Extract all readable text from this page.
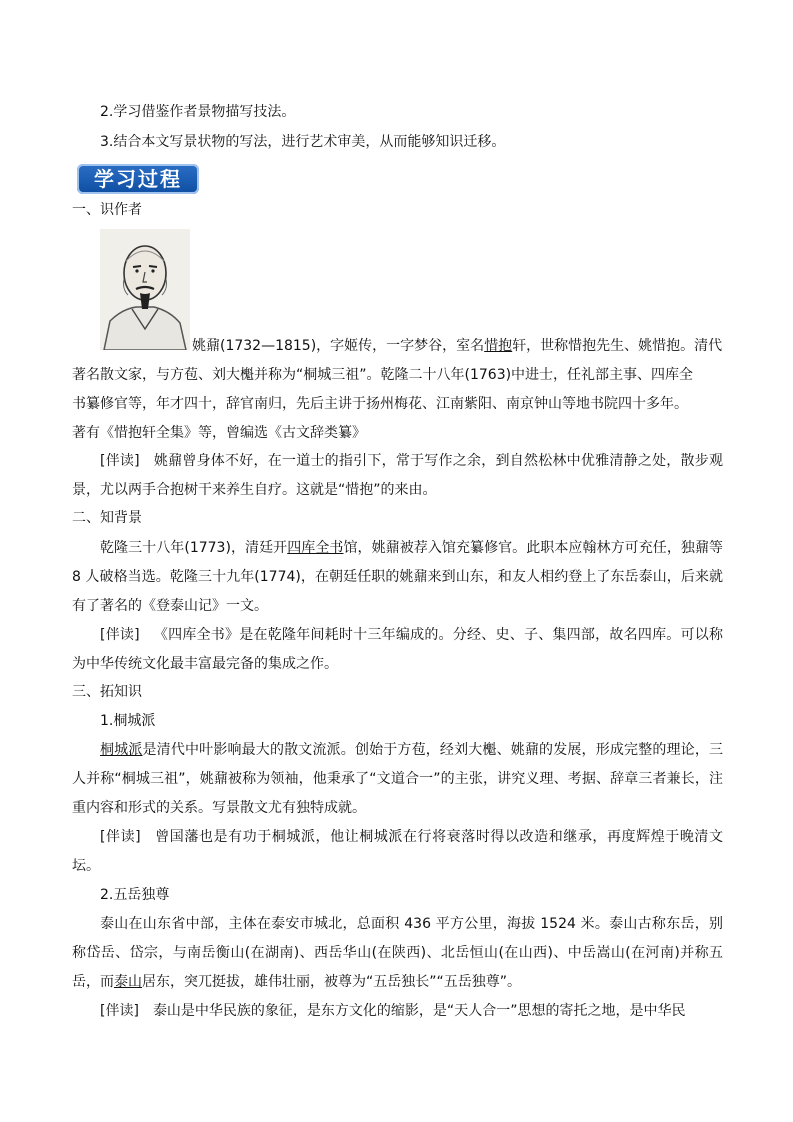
2.学习借鉴作者景物描写技法。
3.结合本文写景状物的写法，进行艺术审美，从而能够知识迁移。
学习过程
一、识作者
姚鼐(1732—1815)，字姬传，一字梦谷，室名惜抱轩，世称惜抱先生、姚惜抱。清代
著名散文家，与方苞、刘大櫆并称为“桐城三祖”。乾隆二十八年(1763)中进士，任礼部主事、四库全
书纂修官等，年才四十，辞官南归，先后主讲于扬州梅花、江南紫阳、南京钟山等地书院四十多年。
著有《惜抱轩全集》等，曾编选《古文辞类纂》
[伴读] 姚鼐曾身体不好，在一道士的指引下，常于写作之余，到自然松林中优雅清静之处，散步观景，尤以两手合抱树干来养生自疗。这就是“惜抱”的来由。
二、知背景
乾隆三十八年(1773)，清廷开四库全书馆，姚鼐被荐入馆充纂修官。此职本应翰林方可充任，独鼐等 8 人破格当选。乾隆三十九年(1774)，在朝廷任职的姚鼐来到山东，和友人相约登上了东岳泰山，后来就有了著名的《登泰山记》一文。
[伴读] 《四库全书》是在乾隆年间耗时十三年编成的。分经、史、子、集四部，故名四库。可以称为中华传统文化最丰富最完备的集成之作。
三、拓知识
1.桐城派
桐城派是清代中叶影响最大的散文流派。创始于方苞，经刘大櫆、姚鼐的发展，形成完整的理论，三人并称“桐城三祖”，姚鼐被称为领袖，他秉承了“文道合一”的主张，讲究义理、考据、辞章三者兼长，注重内容和形式的关系。写景散文尤有独特成就。
[伴读] 曾国藩也是有功于桐城派，他让桐城派在行将衰落时得以改造和继承，再度辉煌于晚清文坛。
2.五岳独尊
泰山在山东省中部，主体在泰安市城北，总面积 436 平方公里，海拔 1524 米。泰山古称东岳，别称岱岳、岱宗，与南岳衡山(在湖南)、西岳华山(在陕西)、北岳恒山(在山西)、中岳嵩山(在河南)并称五岳，而泰山居东，突兀挺拔，雄伟壮丽，被尊为“五岳独长”“五岳独尊”。
[伴读] 泰山是中华民族的象征，是东方文化的缩影，是“天人合一”思想的寄托之地，是中华民
